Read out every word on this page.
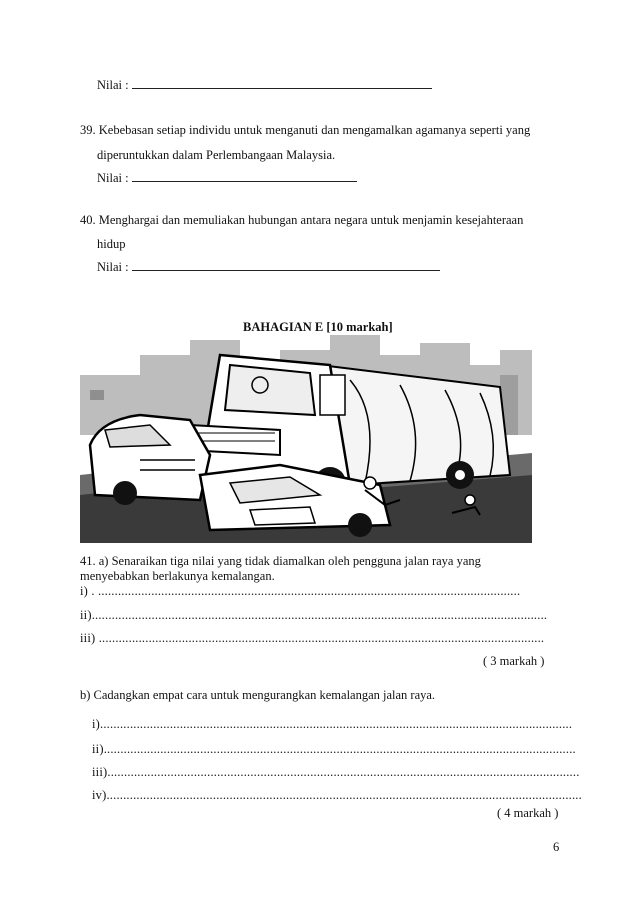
Nilai :
39. Kebebasan setiap individu untuk menganuti dan mengamalkan agamanya seperti yang
diperuntukkan dalam Perlembangaan Malaysia.
Nilai :
40. Menghargai dan memuliakan hubungan antara negara untuk menjamin kesejahteraan
hidup
Nilai :
BAHAGIAN E [10 markah]
41. a) Senaraikan tiga nilai yang tidak diamalkan oleh pengguna jalan raya yang
menyebabkan berlakunya kemalangan.
i) . ...............................................................................................................................
ii).........................................................................................................................................
iii) ......................................................................................................................................
( 3 markah )
b) Cadangkan empat cara untuk mengurangkan kemalangan jalan raya.
i)..............................................................................................................................................
ii)..............................................................................................................................................
iii)..............................................................................................................................................
iv)...............................................................................................................................................
( 4 markah )
6
